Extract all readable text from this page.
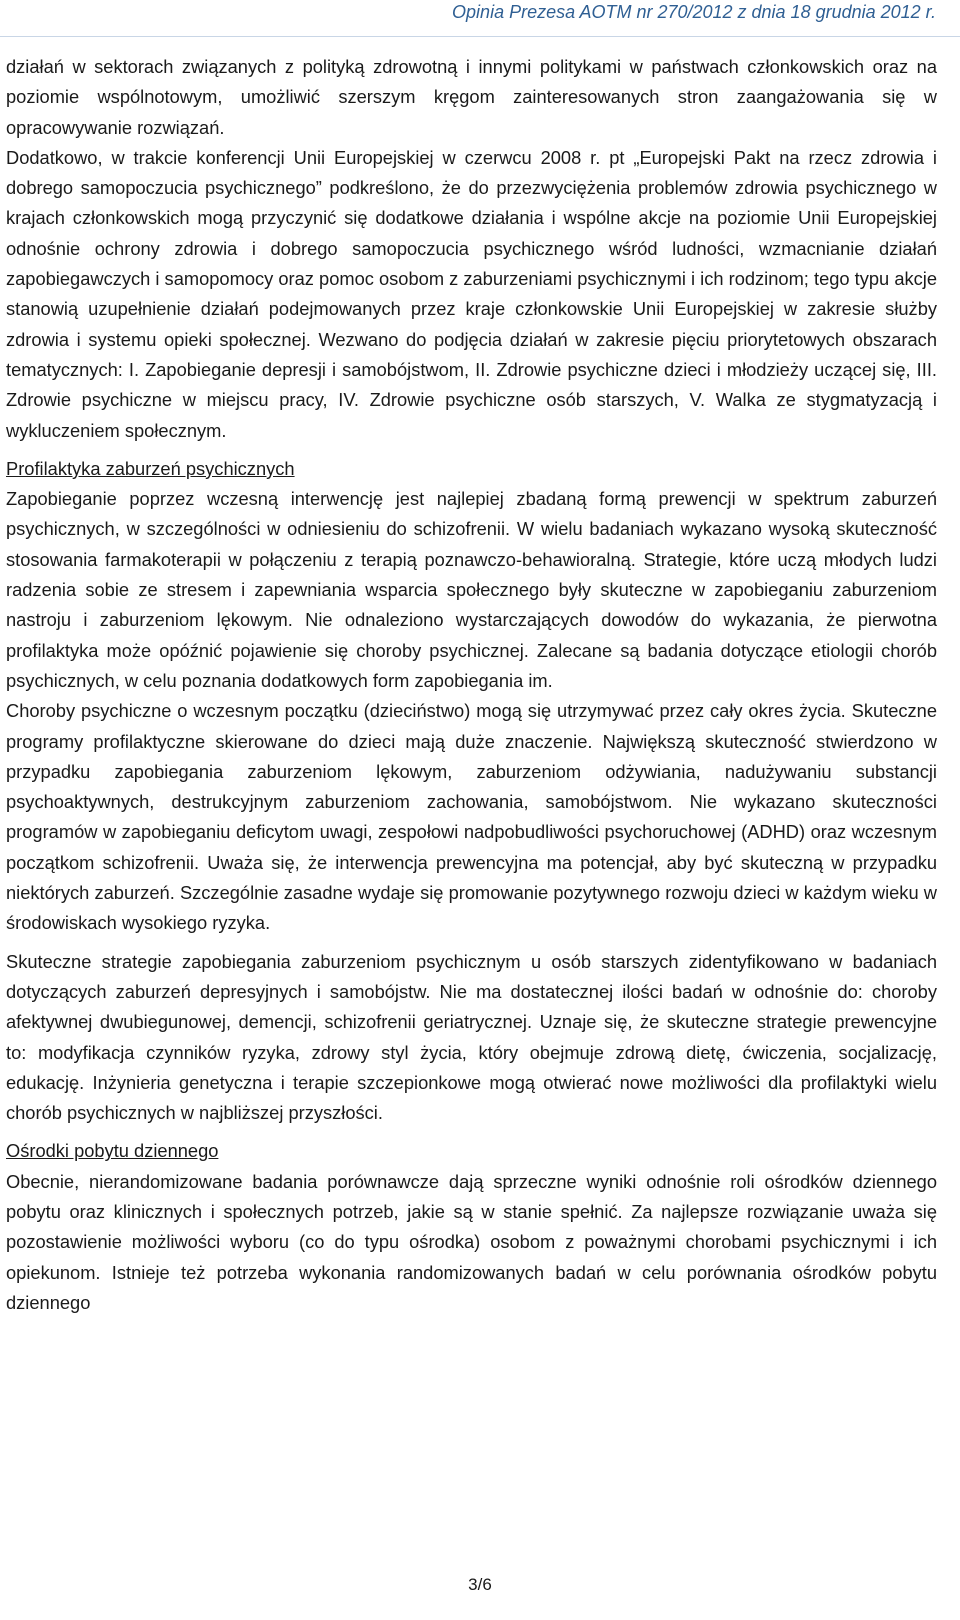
Opinia Prezesa AOTM nr 270/2012 z dnia 18 grudnia 2012 r.

działań w sektorach związanych z polityką zdrowotną i innymi politykami w państwach członkowskich oraz na poziomie wspólnotowym, umożliwić szerszym kręgom zainteresowanych stron zaangażowania się w opracowywanie rozwiązań.

Dodatkowo, w trakcie konferencji Unii Europejskiej w czerwcu 2008 r. pt „Europejski Pakt na rzecz zdrowia i dobrego samopoczucia psychicznego” podkreślono, że do przezwyciężenia problemów zdrowia psychicznego w krajach członkowskich mogą przyczynić się dodatkowe działania i wspólne akcje na poziomie Unii Europejskiej odnośnie ochrony zdrowia i dobrego samopoczucia psychicznego wśród ludności, wzmacnianie działań zapobiegawczych i samopomocy oraz pomoc osobom z zaburzeniami psychicznymi i ich rodzinom; tego typu akcje stanowią uzupełnienie działań podejmowanych przez kraje członkowskie Unii Europejskiej w zakresie służby zdrowia i systemu opieki społecznej. Wezwano do podjęcia działań w zakresie pięciu priorytetowych obszarach tematycznych: I. Zapobieganie depresji i samobójstwom, II. Zdrowie psychiczne dzieci i młodzieży uczącej się, III. Zdrowie psychiczne w miejscu pracy, IV. Zdrowie psychiczne osób starszych, V. Walka ze stygmatyzacją i wykluczeniem społecznym.

Profilaktyka zaburzeń psychicznych

Zapobieganie poprzez wczesną interwencję jest najlepiej zbadaną formą prewencji w spektrum zaburzeń psychicznych, w szczególności w odniesieniu do schizofrenii. W wielu badaniach wykazano wysoką skuteczność stosowania farmakoterapii w połączeniu z terapią poznawczo-behawioralną. Strategie, które uczą młodych ludzi radzenia sobie ze stresem i zapewniania wsparcia społecznego były skuteczne w zapobieganiu zaburzeniom nastroju i zaburzeniom lękowym. Nie odnaleziono wystarczających dowodów do wykazania, że pierwotna profilaktyka może opóźnić pojawienie się choroby psychicznej. Zalecane są badania dotyczące etiologii chorób psychicznych, w celu poznania dodatkowych form zapobiegania im.

Choroby psychiczne o wczesnym początku (dzieciństwo) mogą się utrzymywać przez cały okres życia. Skuteczne programy profilaktyczne skierowane do dzieci mają duże znaczenie. Największą skuteczność stwierdzono w przypadku zapobiegania zaburzeniom lękowym, zaburzeniom odżywiania, nadużywaniu substancji psychoaktywnych, destrukcyjnym zaburzeniom zachowania, samobójstwom. Nie wykazano skuteczności programów w zapobieganiu deficytom uwagi, zespołowi nadpobudliwości psychoruchowej (ADHD) oraz wczesnym początkom schizofrenii. Uważa się, że interwencja prewencyjna ma potencjał, aby być skuteczną w przypadku niektórych zaburzeń. Szczególnie zasadne wydaje się promowanie pozytywnego rozwoju dzieci w każdym wieku w środowiskach wysokiego ryzyka.

Skuteczne strategie zapobiegania zaburzeniom psychicznym u osób starszych zidentyfikowano w badaniach dotyczących zaburzeń depresyjnych i samobójstw. Nie ma dostatecznej ilości badań w odnośnie do: choroby afektywnej dwubiegunowej, demencji, schizofrenii geriatrycznej. Uznaje się, że skuteczne strategie prewencyjne to: modyfikacja czynników ryzyka, zdrowy styl życia, który obejmuje zdrową dietę, ćwiczenia, socjalizację, edukację. Inżynieria genetyczna i terapie szczepionkowe mogą otwierać nowe możliwości dla profilaktyki wielu chorób psychicznych w najbliższej przyszłości.

Ośrodki pobytu dziennego

Obecnie, nierandomizowane badania porównawcze dają sprzeczne wyniki odnośnie roli ośrodków dziennego pobytu oraz klinicznych i społecznych potrzeb, jakie są w stanie spełnić. Za najlepsze rozwiązanie uważa się pozostawienie możliwości wyboru (co do typu ośrodka) osobom z poważnymi chorobami psychicznymi i ich opiekunom. Istnieje też potrzeba wykonania randomizowanych badań w celu porównania ośrodków pobytu dziennego

3/6
